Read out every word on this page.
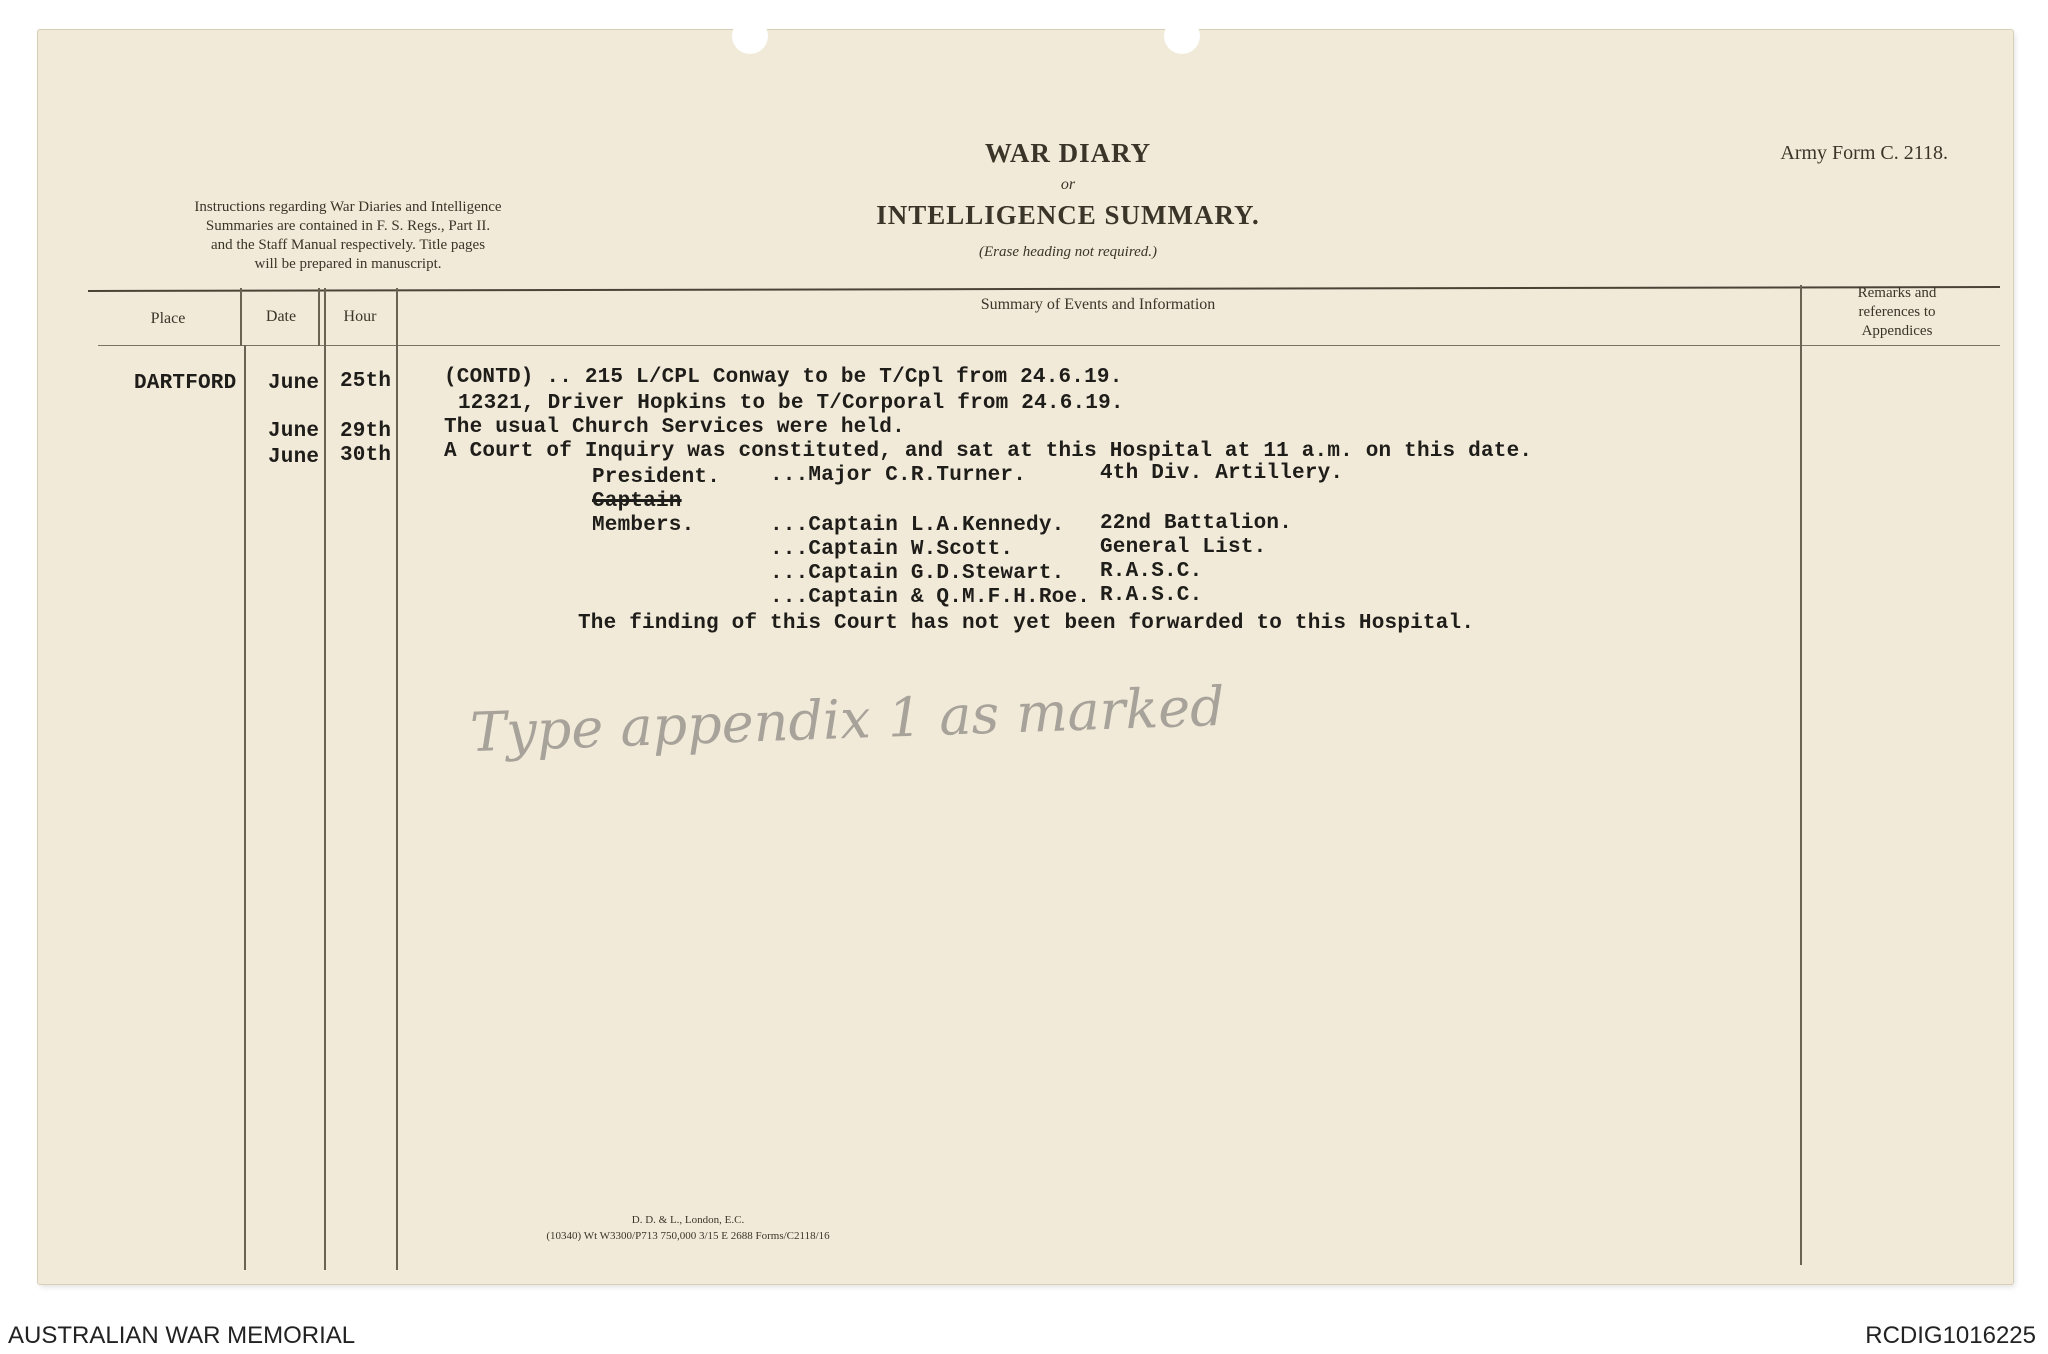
WAR DIARY
or
INTELLIGENCE SUMMARY.
(Erase heading not required.)
Army Form C. 2118.
Instructions regarding War Diaries and Intelligence
Summaries are contained in F. S. Regs., Part II.
and the Staff Manual respectively. Title pages
will be prepared in manuscript.
Place	Date	Hour
Summary of Events and Information
Remarks and
references to
Appendices
DARTFORD June 25th	(CONTD) .. 215 L/CPL Conway to be T/Cpl from 24.6.19.
12321, Driver Hopkins to be T/Corporal from 24.6.19.
June 29th	The usual Church Services were held.
June 30th	A Court of Inquiry was constituted, and sat at this Hospital at 11 a.m. on this date.
President. ...Major C.R.Turner.	4th Div. Artillery.
Captain
Members.	...Captain L.A.Kennedy. 22nd Battalion.
...Captain W.Scott.	General List.
...Captain G.D.Stewart. R.A.S.C.
...Captain & Q.M.F.H.Roe. R.A.S.C.
The finding of this Court has not yet been forwarded to this Hospital.
Type appendix 1 as marked
D. D. & L., London, E.C.
(10340) Wt W3300/P713 750,000 3/15 E 2688 Forms/C2118/16
AUSTRALIAN WAR MEMORIAL	RCDIG1016225
